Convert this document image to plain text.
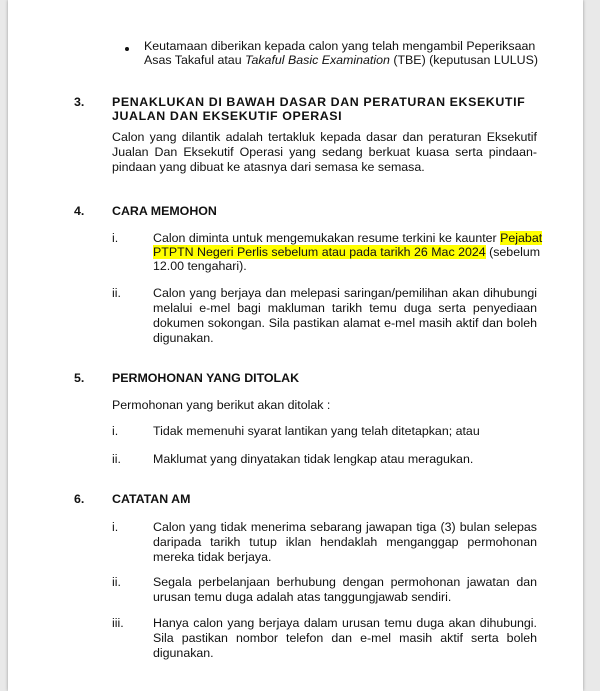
Keutamaan diberikan kepada calon yang telah mengambil Peperiksaan
Asas Takaful atau Takaful Basic Examination (TBE) (keputusan LULUS)
3. PENAKLUKAN DI BAWAH DASAR DAN PERATURAN EKSEKUTIF
JUALAN DAN EKSEKUTIF OPERASI
Calon yang dilantik adalah tertakluk kepada dasar dan peraturan Eksekutif Jualan Dan Eksekutif Operasi yang sedang berkuat kuasa serta pindaan-pindaan yang dibuat ke atasnya dari semasa ke semasa.
4. CARA MEMOHON
i.	Calon diminta untuk mengemukakan resume terkini ke kaunter Pejabat
PTPTN Negeri Perlis sebelum atau pada tarikh 26 Mac 2024 (sebelum
12.00 tengahari).
ii.	Calon yang berjaya dan melepasi saringan/pemilihan akan dihubungi melalui e-mel bagi makluman tarikh temu duga serta penyediaan dokumen sokongan. Sila pastikan alamat e-mel masih aktif dan boleh digunakan.
5. PERMOHONAN YANG DITOLAK
Permohonan yang berikut akan ditolak :
i.	Tidak memenuhi syarat lantikan yang telah ditetapkan; atau
ii.	Maklumat yang dinyatakan tidak lengkap atau meragukan.
6. CATATAN AM
i.	Calon yang tidak menerima sebarang jawapan tiga (3) bulan selepas daripada tarikh tutup iklan hendaklah menganggap permohonan mereka tidak berjaya.
ii.	Segala perbelanjaan berhubung dengan permohonan jawatan dan urusan temu duga adalah atas tanggungjawab sendiri.
iii. Hanya calon yang berjaya dalam urusan temu duga akan dihubungi. Sila pastikan nombor telefon dan e-mel masih aktif serta boleh digunakan.
